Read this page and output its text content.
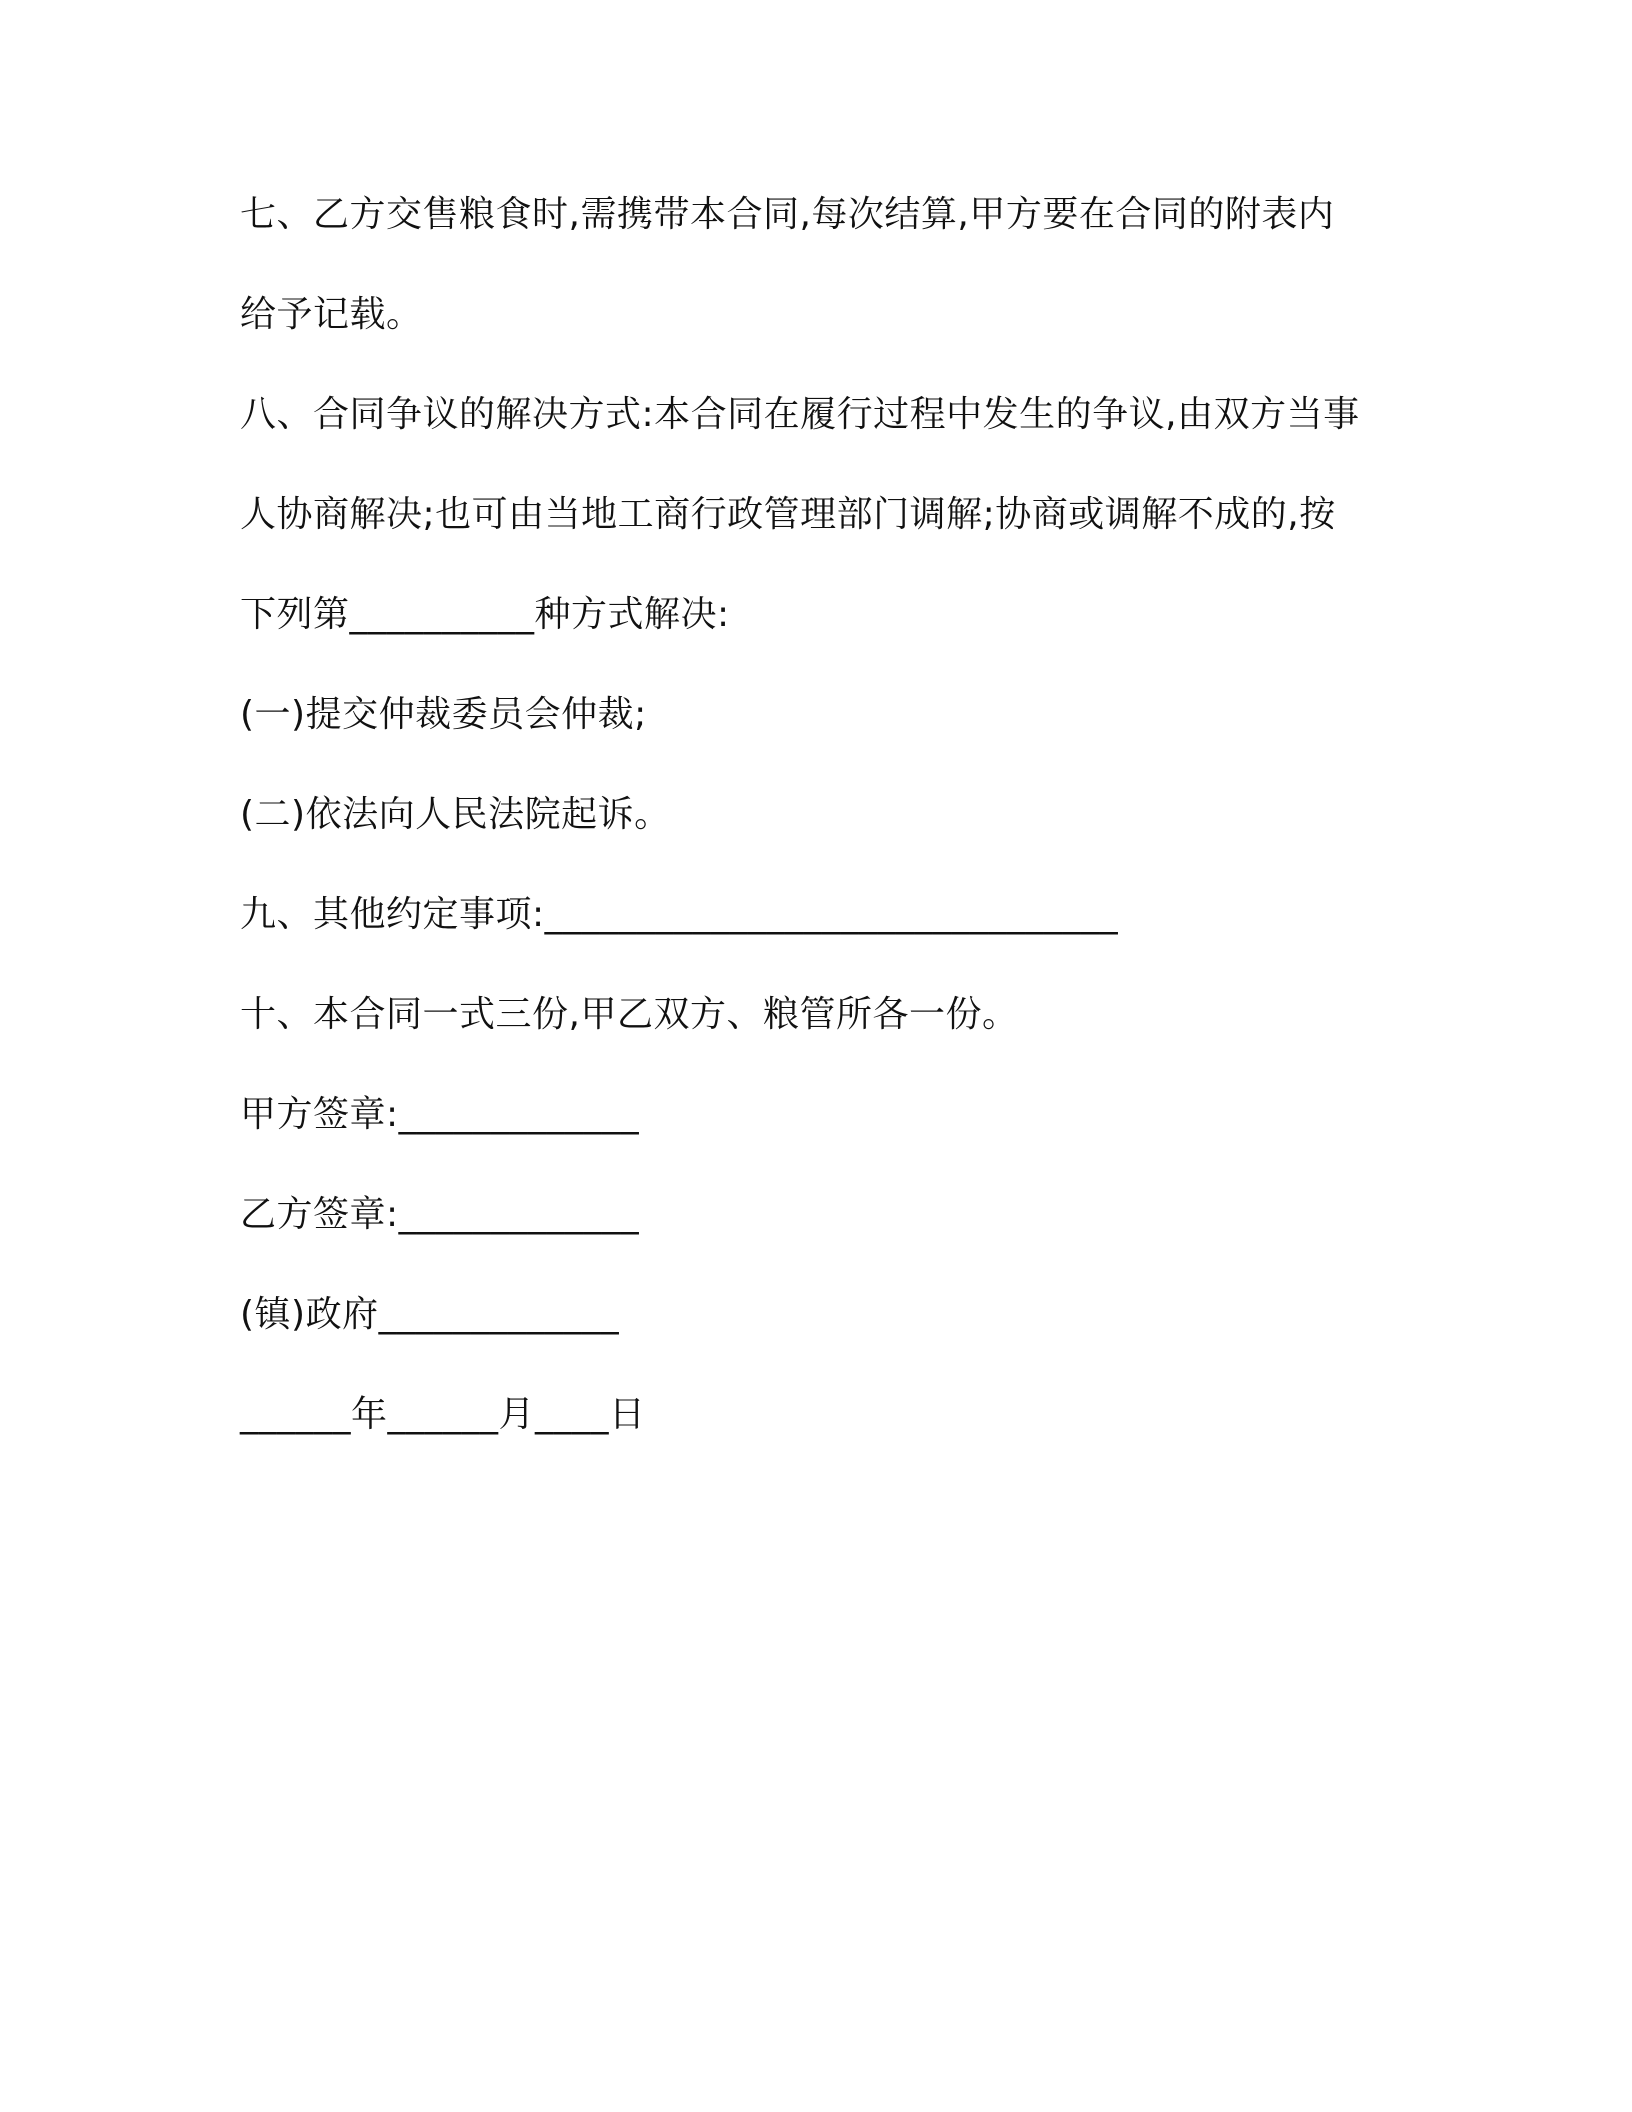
七、乙方交售粮食时,需携带本合同,每次结算,甲方要在合同的附表内
给予记载。
八、合同争议的解决方式:本合同在履行过程中发生的争议,由双方当事
人协商解决;也可由当地工商行政管理部门调解;协商或调解不成的,按
下列第__________种方式解决:
(一)提交仲裁委员会仲裁;
(二)依法向人民法院起诉。
九、其他约定事项:_______________________________
十、本合同一式三份,甲乙双方、粮管所各一份。
甲方签章:_____________
乙方签章:_____________
(镇)政府_____________
______年______月____日
